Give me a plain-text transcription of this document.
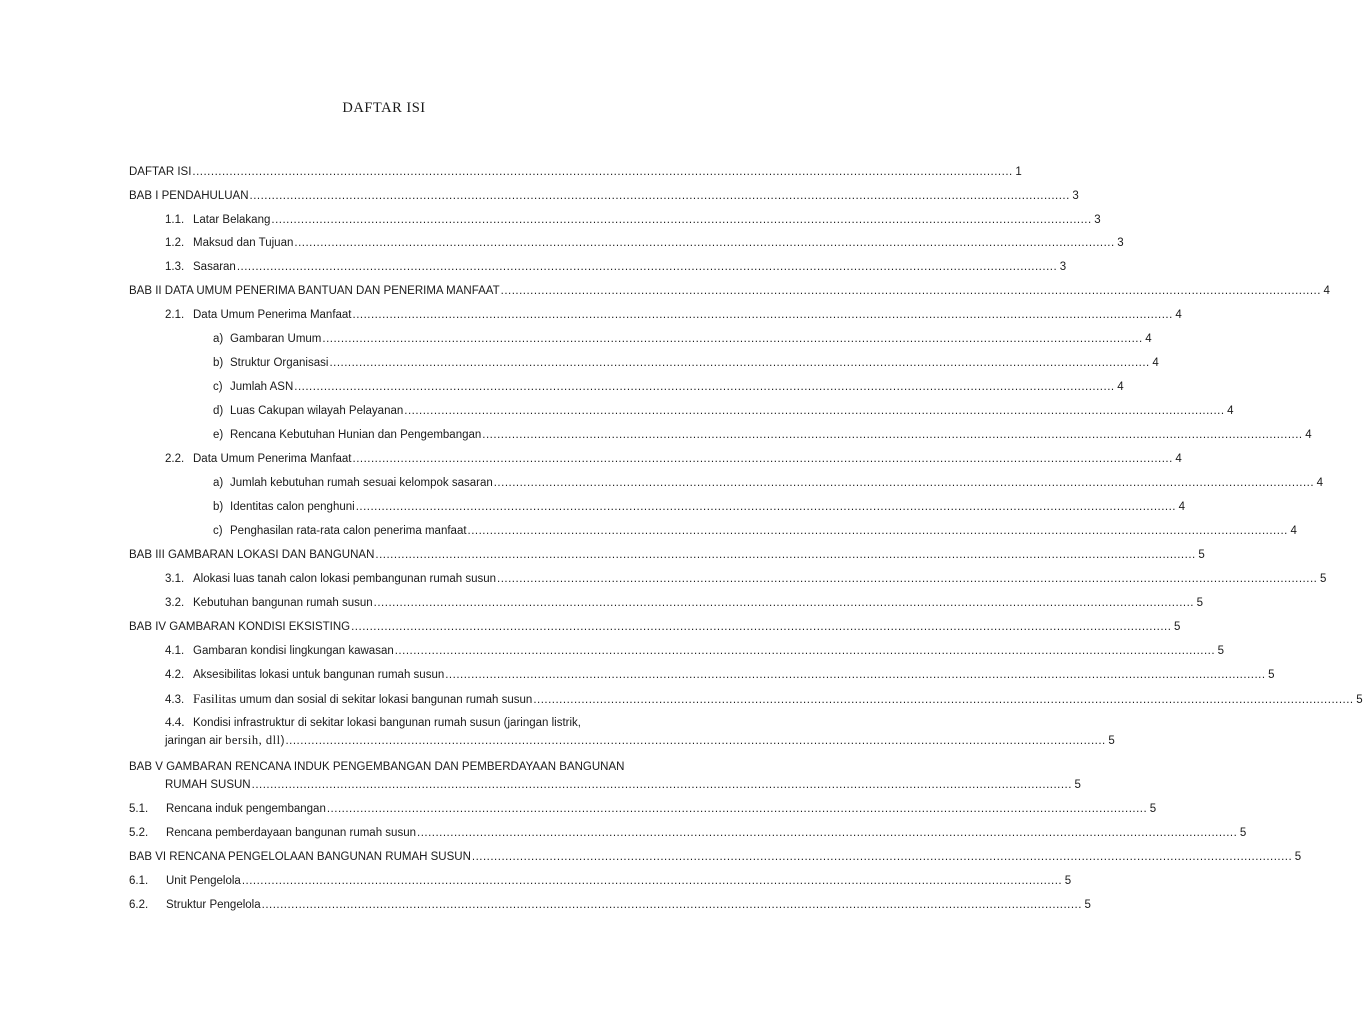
DAFTAR ISI
DAFTAR ISI .....	1
BAB I PENDAHULUAN .....	3
1.1. Latar Belakang .....	3
1.2. Maksud dan Tujuan .....	3
1.3. Sasaran .....	3
BAB II DATA UMUM PENERIMA BANTUAN DAN PENERIMA MANFAAT .....	4
2.1. Data Umum Penerima Manfaat .....	4
a) Gambaran Umum .....	4
b) Struktur Organisasi .....	4
c) Jumlah ASN .....	4
d) Luas Cakupan wilayah Pelayanan .....	4
e) Rencana Kebutuhan Hunian dan Pengembangan .....	4
2.2. Data Umum Penerima Manfaat .....	4
a) Jumlah kebutuhan rumah sesuai kelompok sasaran .....	4
b) Identitas calon penghuni .....	4
c) Penghasilan rata-rata calon penerima manfaat .....	4
BAB III GAMBARAN LOKASI DAN BANGUNAN .....	5
3.1. Alokasi luas tanah calon lokasi pembangunan rumah susun .....	5
3.2. Kebutuhan bangunan rumah susun .....	5
BAB IV GAMBARAN KONDISI EKSISTING .....	5
4.1. Gambaran kondisi lingkungan kawasan .....	5
4.2. Aksesibilitas lokasi untuk bangunan rumah susun .....	5
4.3. Fasilitas umum dan sosial di sekitar lokasi bangunan rumah susun .....	5
4.4. Kondisi infrastruktur di sekitar lokasi bangunan rumah susun (jaringan listrik,
jaringan air bersih, dll) .....	5
BAB V GAMBARAN RENCANA INDUK PENGEMBANGAN DAN PEMBERDAYAAN BANGUNAN
RUMAH SUSUN .....	5
5.1.	Rencana induk pengembangan .....	5
5.2.	Rencana pemberdayaan bangunan rumah susun .....	5
BAB VI RENCANA PENGELOLAAN BANGUNAN RUMAH SUSUN .....	5
6.1.	Unit Pengelola .....	5
6.2.	Struktur Pengelola .....	5
